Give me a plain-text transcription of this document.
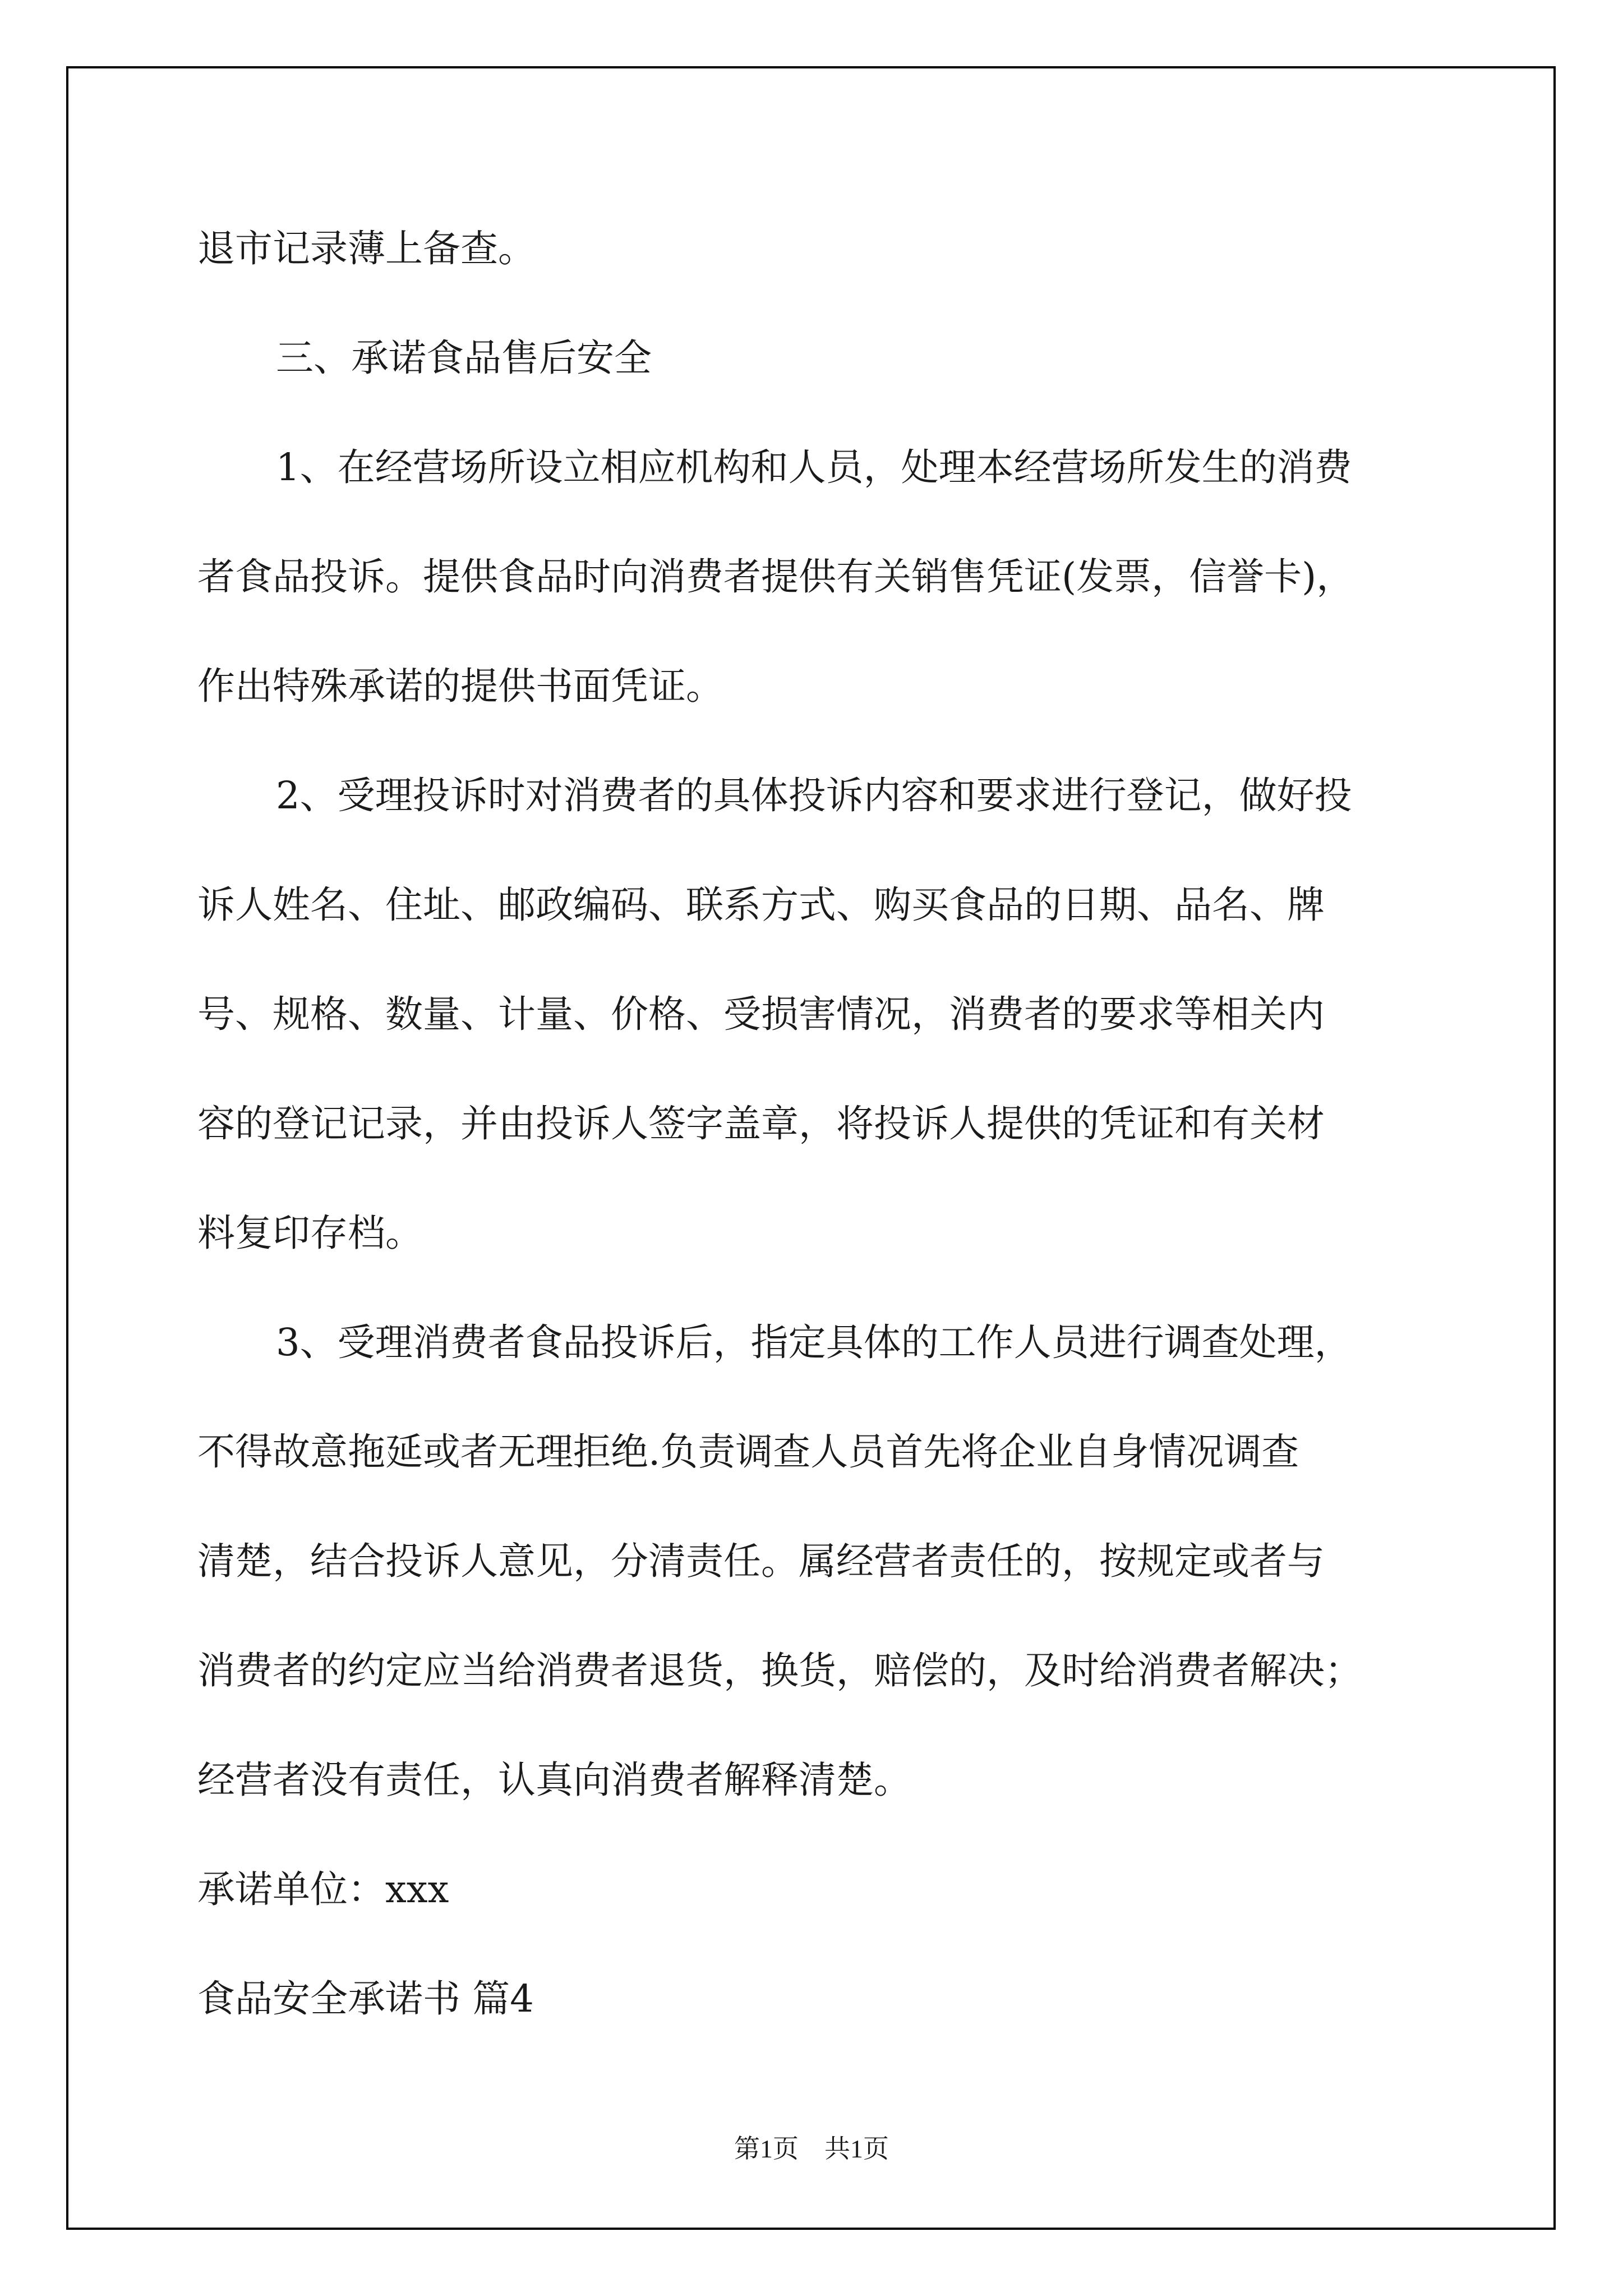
退市记录薄上备查。
三、承诺食品售后安全
1、在经营场所设立相应机构和人员，处理本经营场所发生的消费
者食品投诉。提供食品时向消费者提供有关销售凭证(发票，信誉卡)，
作出特殊承诺的提供书面凭证。
2、受理投诉时对消费者的具体投诉内容和要求进行登记，做好投
诉人姓名、住址、邮政编码、联系方式、购买食品的日期、品名、牌
号、规格、数量、计量、价格、受损害情况，消费者的要求等相关内
容的登记记录，并由投诉人签字盖章，将投诉人提供的凭证和有关材
料复印存档。
3、受理消费者食品投诉后，指定具体的工作人员进行调查处理，
不得故意拖延或者无理拒绝.负责调查人员首先将企业自身情况调查
清楚，结合投诉人意见，分清责任。属经营者责任的，按规定或者与
消费者的约定应当给消费者退货，换货，赔偿的，及时给消费者解决；
经营者没有责任，认真向消费者解释清楚。
承诺单位：xxx
食品安全承诺书 篇4
第1页　共1页
